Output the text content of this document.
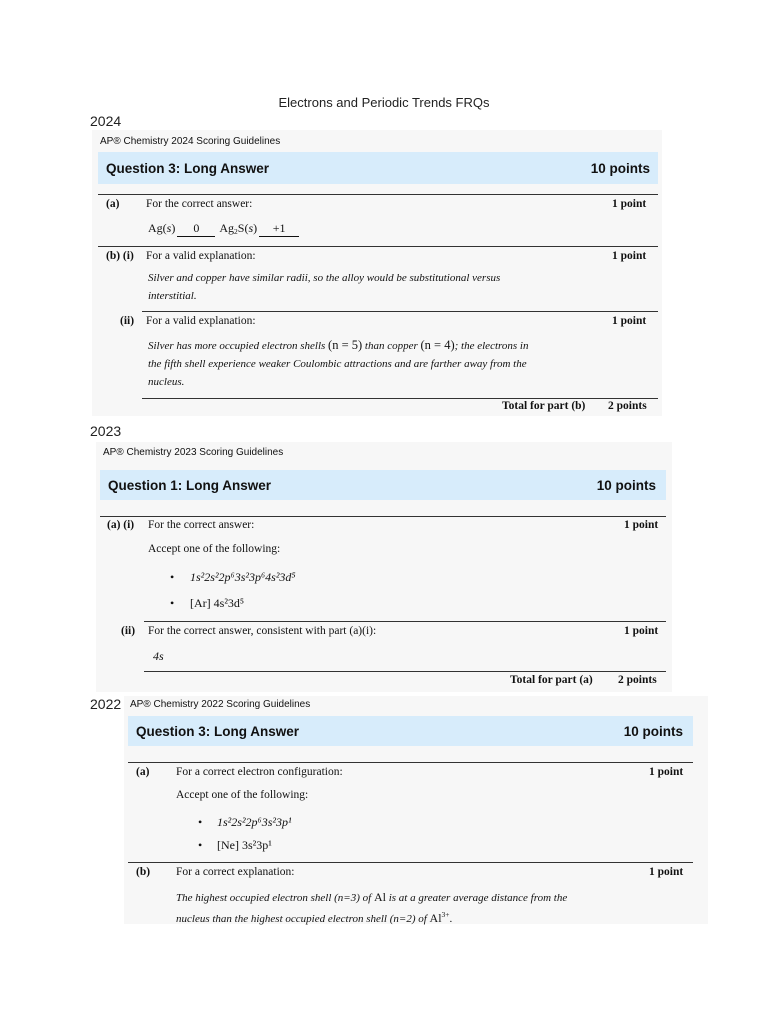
Electrons and Periodic Trends FRQs
2024
AP® Chemistry 2024 Scoring Guidelines
Question 3: Long Answer	10 points
(a) For the correct answer:	1 point
Ag(s) 0 $Ag_2S(s) +1$
(b) (i) For a valid explanation:	1 point
Silver and copper have similar radii, so the alloy would be substitutional versus
interstitial.
(ii) For a valid explanation:	1 point
Silver has more occupied electron shells (n = 5) than copper (n = 4); the electrons in
the fifth shell experience weaker Coulombic attractions and are farther away from the
nucleus.
Total for part (b) 2 points
2023
AP® Chemistry 2023 Scoring Guidelines
Question 1: Long Answer	10 points
(a) (i) For the correct answer:	1 point
Accept one of the following:
• 1s²2s²2p⁶3s²3p⁶4s²3d⁵
• [Ar] 4s²3d⁵
(ii) For the correct answer, consistent with part (a)(i):	1 point
4s
Total for part (a) 2 points
2022 AP® Chemistry 2022 Scoring Guidelines
Question 3: Long Answer	10 points
(a) For a correct electron configuration:	1 point
Accept one of the following:
• 1s²2s²2p⁶3s²3p¹
• [Ne] 3s²3p¹
(b) For a correct explanation:	1 point
The highest occupied electron shell (n=3) of Al is at a greater average distance from the
nucleus than the highest occupied electron shell (n=2) of $Al^{3+}$.
